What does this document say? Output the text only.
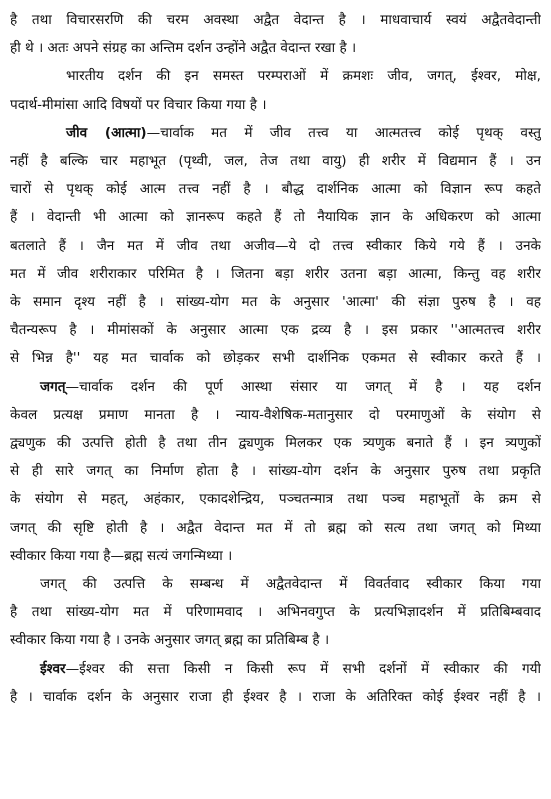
है तथा विचारसरणि की चरम अवस्था अद्वैत वेदान्त है । माधवाचार्य स्वयं अद्वैतवेदान्ती
ही थे । अतः अपने संग्रह का अन्तिम दर्शन उन्होंने अद्वैत वेदान्त रखा है ।
भारतीय दर्शन की इन समस्त परम्पराओं में क्रमशः जीव, जगत्, ईश्वर, मोक्ष,
पदार्थ-मीमांसा आदि विषयों पर विचार किया गया है ।
जीव (आत्मा)—चार्वाक मत में जीव तत्त्व या आत्मतत्त्व कोई पृथक् वस्तु
नहीं है बल्कि चार महाभूत (पृथ्वी, जल, तेज तथा वायु) ही शरीर में विद्यमान हैं । उन
चारों से पृथक् कोई आत्म तत्त्व नहीं है । बौद्ध दार्शनिक आत्मा को विज्ञान रूप कहते
हैं । वेदान्ती भी आत्मा को ज्ञानरूप कहते हैं तो नैयायिक ज्ञान के अधिकरण को आत्मा
बतलाते हैं । जैन मत में जीव तथा अजीव—ये दो तत्त्व स्वीकार किये गये हैं । उनके
मत में जीव शरीराकार परिमित है । जितना बड़ा शरीर उतना बड़ा आत्मा, किन्तु वह शरीर
के समान दृश्य नहीं है । सांख्य-योग मत के अनुसार 'आत्मा' की संज्ञा पुरुष है । वह
चैतन्यरूप है । मीमांसकों के अनुसार आत्मा एक द्रव्य है । इस प्रकार ''आत्मतत्त्व शरीर
से भिन्न है'' यह मत चार्वाक को छोड़कर सभी दार्शनिक एकमत से स्वीकार करते हैं ।
जगत्—चार्वाक दर्शन की पूर्ण आस्था संसार या जगत् में है । यह दर्शन
केवल प्रत्यक्ष प्रमाण मानता है । न्याय-वैशेषिक-मतानुसार दो परमाणुओं के संयोग से
द्व्यणुक की उत्पत्ति होती है तथा तीन द्व्यणुक मिलकर एक त्र्यणुक बनाते हैं । इन त्र्यणुकों
से ही सारे जगत् का निर्माण होता है । सांख्य-योग दर्शन के अनुसार पुरुष तथा प्रकृति
के संयोग से महत्, अहंकार, एकादशेन्द्रिय, पञ्चतन्मात्र तथा पञ्च महाभूतों के क्रम से
जगत् की सृष्टि होती है । अद्वैत वेदान्त मत में तो ब्रह्म को सत्य तथा जगत् को मिथ्या
स्वीकार किया गया है—ब्रह्म सत्यं जगन्मिथ्या ।
जगत् की उत्पत्ति के सम्बन्ध में अद्वैतवेदान्त में विवर्तवाद स्वीकार किया गया
है तथा सांख्य-योग मत में परिणामवाद । अभिनवगुप्त के प्रत्यभिज्ञादर्शन में प्रतिबिम्बवाद
स्वीकार किया गया है । उनके अनुसार जगत् ब्रह्म का प्रतिबिम्ब है ।
ईश्वर—ईश्वर की सत्ता किसी न किसी रूप में सभी दर्शनों में स्वीकार की गयी
है । चार्वाक दर्शन के अनुसार राजा ही ईश्वर है । राजा के अतिरिक्त कोई ईश्वर नहीं है ।
